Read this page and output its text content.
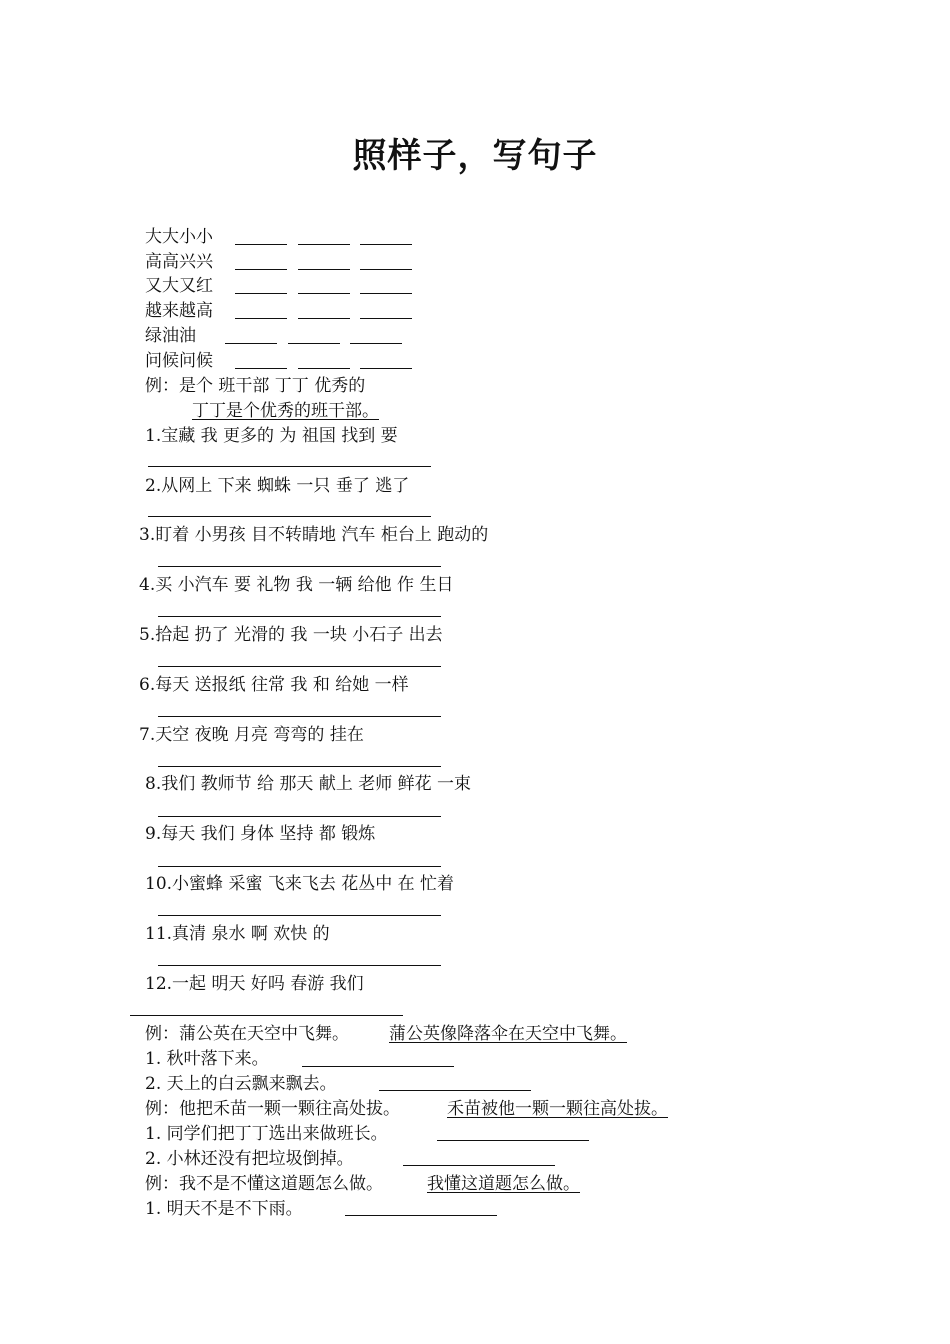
照样子，写句子
大大小小
高高兴兴
又大又红
越来越高
绿油油
问候问候
例：是个 班干部 丁丁 优秀的
丁丁是个优秀的班干部。
1.宝藏 我 更多的 为 祖国 找到 要
2.从网上 下来 蜘蛛 一只 垂了 逃了
3.盯着 小男孩 目不转睛地 汽车 柜台上 跑动的
4.买 小汽车 要 礼物 我 一辆 给他 作 生日
5.拾起 扔了 光滑的 我 一块 小石子 出去
6.每天 送报纸 往常 我 和 给她 一样
7.天空 夜晚 月亮 弯弯的 挂在
8.我们 教师节 给 那天 献上 老师 鲜花 一束
9.每天 我们 身体 坚持 都 锻炼
10.小蜜蜂 采蜜 飞来飞去 花丛中 在 忙着
11.真清 泉水 啊 欢快 的
12.一起 明天 好吗 春游 我们
例：蒲公英在天空中飞舞。 蒲公英像降落伞在天空中飞舞。
1. 秋叶落下来。
2. 天上的白云飘来飘去。
例：他把禾苗一颗一颗往高处拔。	禾苗被他一颗一颗往高处拔。
1. 同学们把丁丁选出来做班长。
2. 小林还没有把垃圾倒掉。
例：我不是不懂这道题怎么做。	我懂这道题怎么做。
1. 明天不是不下雨。
